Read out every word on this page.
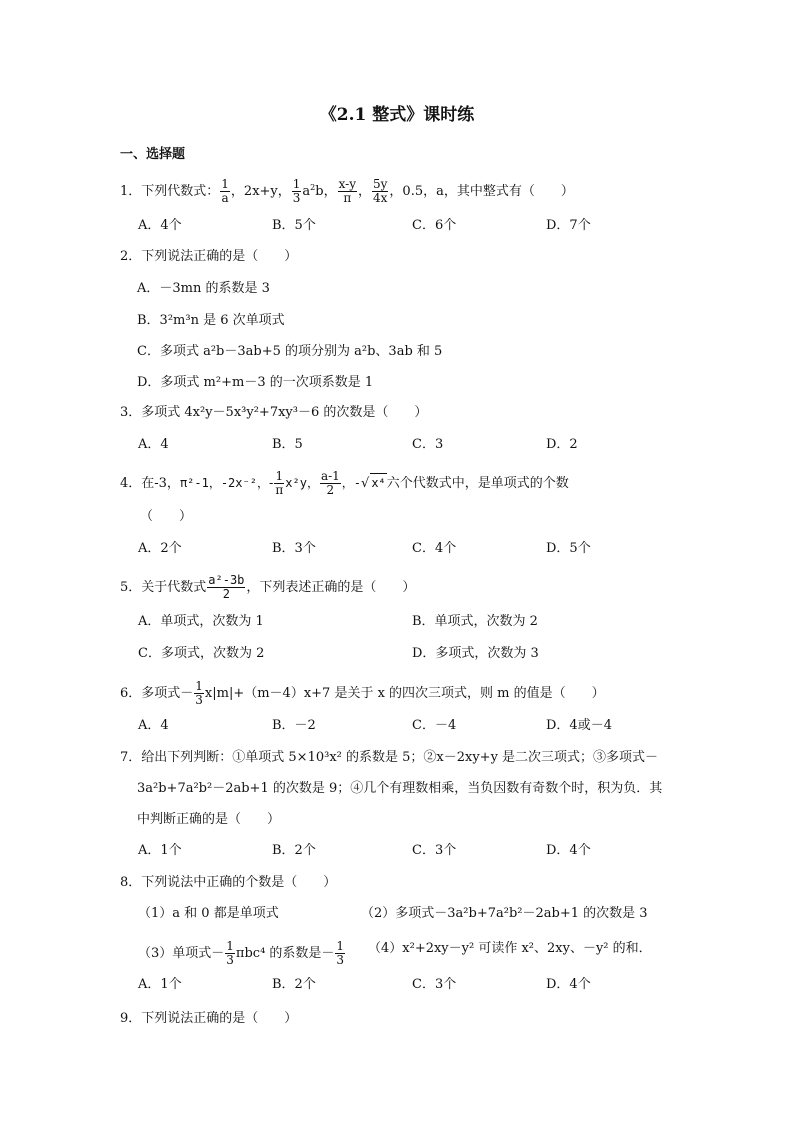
《2.1 整式》课时练
一、选择题
1．下列代数式： $\frac{1}{a}$ ，2x+y， $\frac{1}{3} a^2b$， $\frac{x-y}{\pi}$ ， $\frac{5y}{4x}$ ，0.5，a，其中整式有（　　）
A．4个	B．5个	C．6个	D．7个
2．下列说法正确的是（　　）
A．－3mn 的系数是 3
B．3²m³n 是 6 次单项式
C．多项式 a²b－3ab+5 的项分别为 a²b、3ab 和 5
D．多项式 m²+m－3 的一次项系数是 1
3．多项式 4x²y－5x³y²+7xy³－6 的次数是（　　）
A．4	B．5	C．3	D．2
4．在-3，π²-1，-2x⁻²，- $\frac{1}{\pi} x^2y$， $\frac{a-1}{2}$ ，-√ x⁴六个代数式中，是单项式的个数
（　　）
A．2个	B．3个	C．4个	D．5个
5．关于代数式 $\frac{\text{a²-3b}}{2}$ ，下列表述正确的是（　　）
A．单项式，次数为 1	B．单项式，次数为 2
C．多项式，次数为 2	D．多项式，次数为 3
6．多项式－ $\frac{1}{3} x|m|+(m-4)x+7$ 是关于 x 的四次三项式，则 m 的值是（　　）
A．4	B．－2	C．－4	D．4或－4
7．给出下列判断：①单项式 5×10³x² 的系数是 5；②x－2xy+y 是二次三项式；③多项式－
3a²b+7a²b²－2ab+1 的次数是 9；④几个有理数相乘，当负因数有奇数个时，积为负．其
中判断正确的是（　　）
A．1个	B．2个	C．3个	D．4个
8．下列说法中正确的个数是（　　）
（1）a 和 0 都是单项式	（2）多项式－3a²b+7a²b²－2ab+1 的次数是 3
（3）单项式－ $\frac{1}{3} \pi bc^4$ 的系数是－ $\frac{1}{3} (4)x^2+2xy-y^2$ 可读作 x²、2xy、－y² 的和．
A．1个	B．2个	C．3个	D．4个
9．下列说法正确的是（　　）
